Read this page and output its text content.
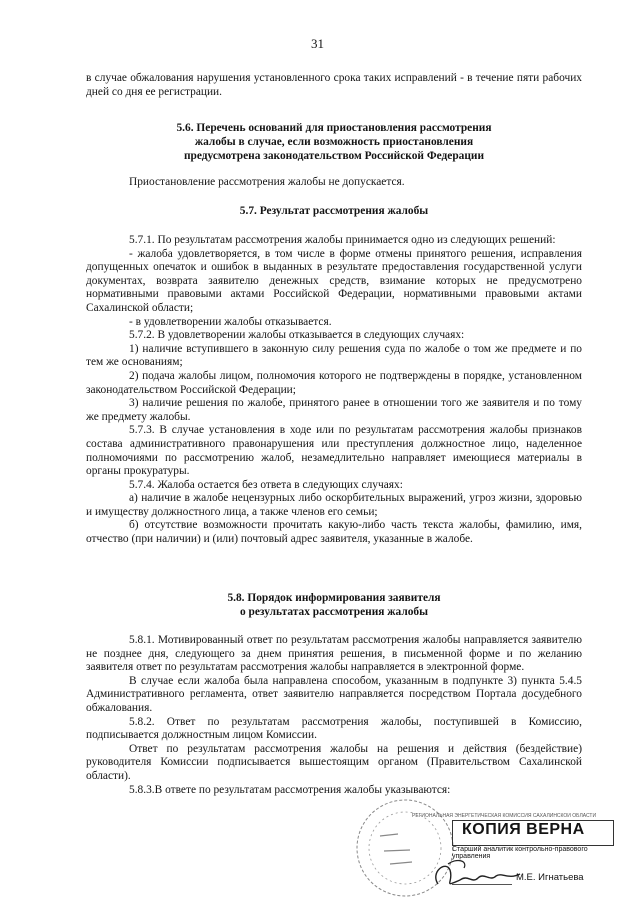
31

в случае обжалования нарушения установленного срока таких исправлений - в течение пяти рабочих дней со дня ее регистрации.

5.6. Перечень оснований для приостановления рассмотрения
жалобы в случае, если возможность приостановления
предусмотрена законодательством Российской Федерации

Приостановление рассмотрения жалобы не допускается.

5.7. Результат рассмотрения жалобы

5.7.1. По результатам рассмотрения жалобы принимается одно из следующих решений:

- жалоба удовлетворяется, в том числе в форме отмены принятого решения, исправления допущенных опечаток и ошибок в выданных в результате предоставления государственной услуги документах, возврата заявителю денежных средств, взимание которых не предусмотрено нормативными правовыми актами Российской Федерации, нормативными правовыми актами Сахалинской области;

- в удовлетворении жалобы отказывается.

5.7.2. В удовлетворении жалобы отказывается в следующих случаях:

1) наличие вступившего в законную силу решения суда по жалобе о том же предмете и по тем же основаниям;

2) подача жалобы лицом, полномочия которого не подтверждены в порядке, установленном законодательством Российской Федерации;

3) наличие решения по жалобе, принятого ранее в отношении того же заявителя и по тому же предмету жалобы.

5.7.3. В случае установления в ходе или по результатам рассмотрения жалобы признаков состава административного правонарушения или преступления должностное лицо, наделенное полномочиями по рассмотрению жалоб, незамедлительно направляет имеющиеся материалы в органы прокуратуры.

5.7.4. Жалоба остается без ответа в следующих случаях:

а) наличие в жалобе нецензурных либо оскорбительных выражений, угроз жизни, здоровью и имуществу должностного лица, а также членов его семьи;

б) отсутствие возможности прочитать какую-либо часть текста жалобы, фамилию, имя, отчество (при наличии) и (или) почтовый адрес заявителя, указанные в жалобе.

5.8. Порядок информирования заявителя
о результатах рассмотрения жалобы

5.8.1. Мотивированный ответ по результатам рассмотрения жалобы направляется заявителю не позднее дня, следующего за днем принятия решения, в письменной форме и по желанию заявителя ответ по результатам рассмотрения жалобы направляется в электронной форме.

В случае если жалоба была направлена способом, указанным в подпункте 3) пункта 5.4.5 Административного регламента, ответ заявителю направляется посредством Портала досудебного обжалования.

5.8.2. Ответ по результатам рассмотрения жалобы, поступившей в Комиссию, подписывается должностным лицом Комиссии.

Ответ по результатам рассмотрения жалобы на решения и действия (бездействие) руководителя Комиссии подписывается вышестоящим органом (Правительством Сахалинской области).

5.8.3.В ответе по результатам рассмотрения жалобы указываются:

РЕГИОНАЛЬНАЯ ЭНЕРГЕТИЧЕСКАЯ КОМИССИЯ САХАЛИНСКОЙ ОБЛАСТИ
КОПИЯ ВЕРНА
Старший аналитик контрольно-правового управления
М.Е. Игнатьева
